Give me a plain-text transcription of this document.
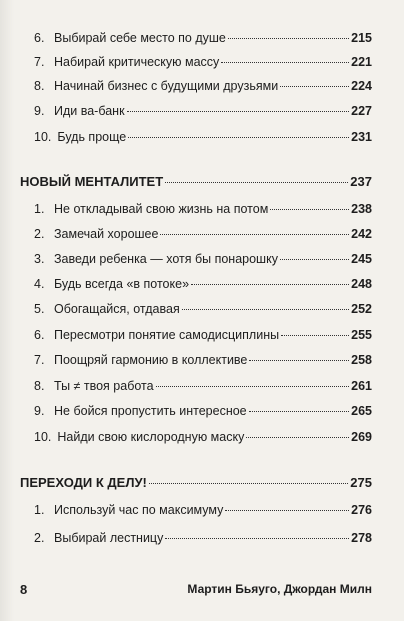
6. Выбирай себе место по душе	215
7. Набирай критическую массу	221
8. Начинай бизнес с будущими друзьями	224
9. Иди ва-банк	227
10. Будь проще	231
НОВЫЙ МЕНТАЛИТЕТ	237
1. Не откладывай свою жизнь на потом	238
2. Замечай хорошее	242
3. Заведи ребенка — хотя бы понарошку	245
4. Будь всегда «в потоке»	248
5. Обогащайся, отдавая	252
6. Пересмотри понятие самодисциплины	255
7. Поощряй гармонию в коллективе	258
8. Ты ≠ твоя работа	261
9. Не бойся пропустить интересное	265
10. Найди свою кислородную маску	269
ПЕРЕХОДИ К ДЕЛУ!	275
1. Используй час по максимуму	276
2. Выбирай лестницу	278
8	Мартин Бьяуго, Джордан Милн
